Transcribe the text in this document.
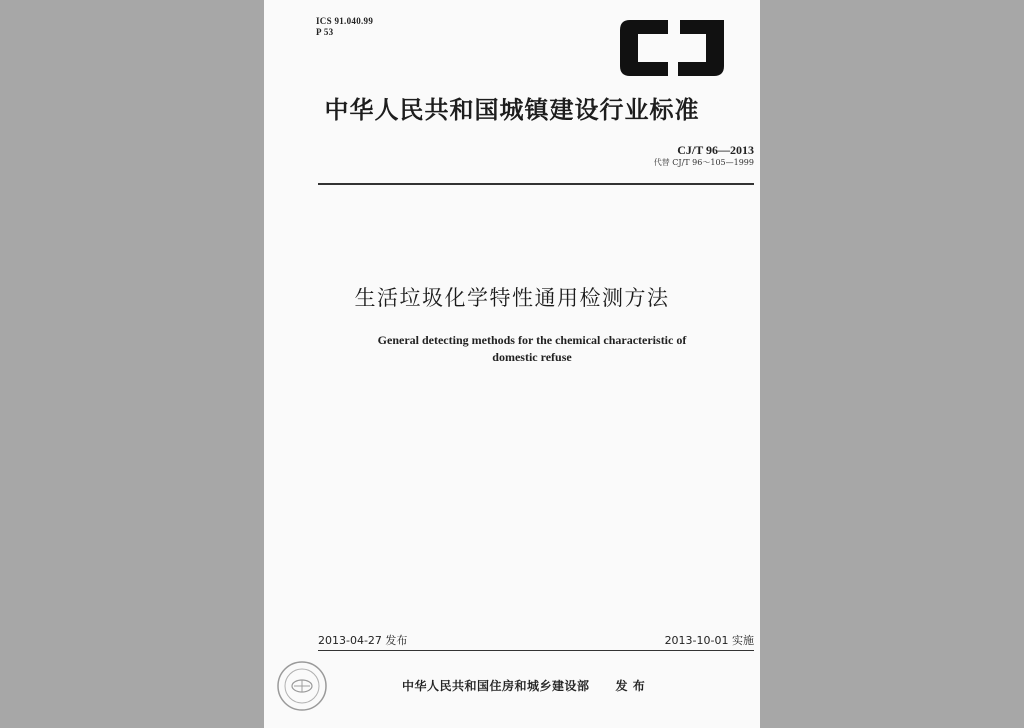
ICS 91.040.99
P 53
中华人民共和国城镇建设行业标准
CJ/T 96—2013
代替 CJ/T 96～105—1999
生活垃圾化学特性通用检测方法
General detecting methods for the chemical characteristic of
domestic refuse
2013-04-27 发布	2013-10-01 实施
中华人民共和国住房和城乡建设部 发 布
